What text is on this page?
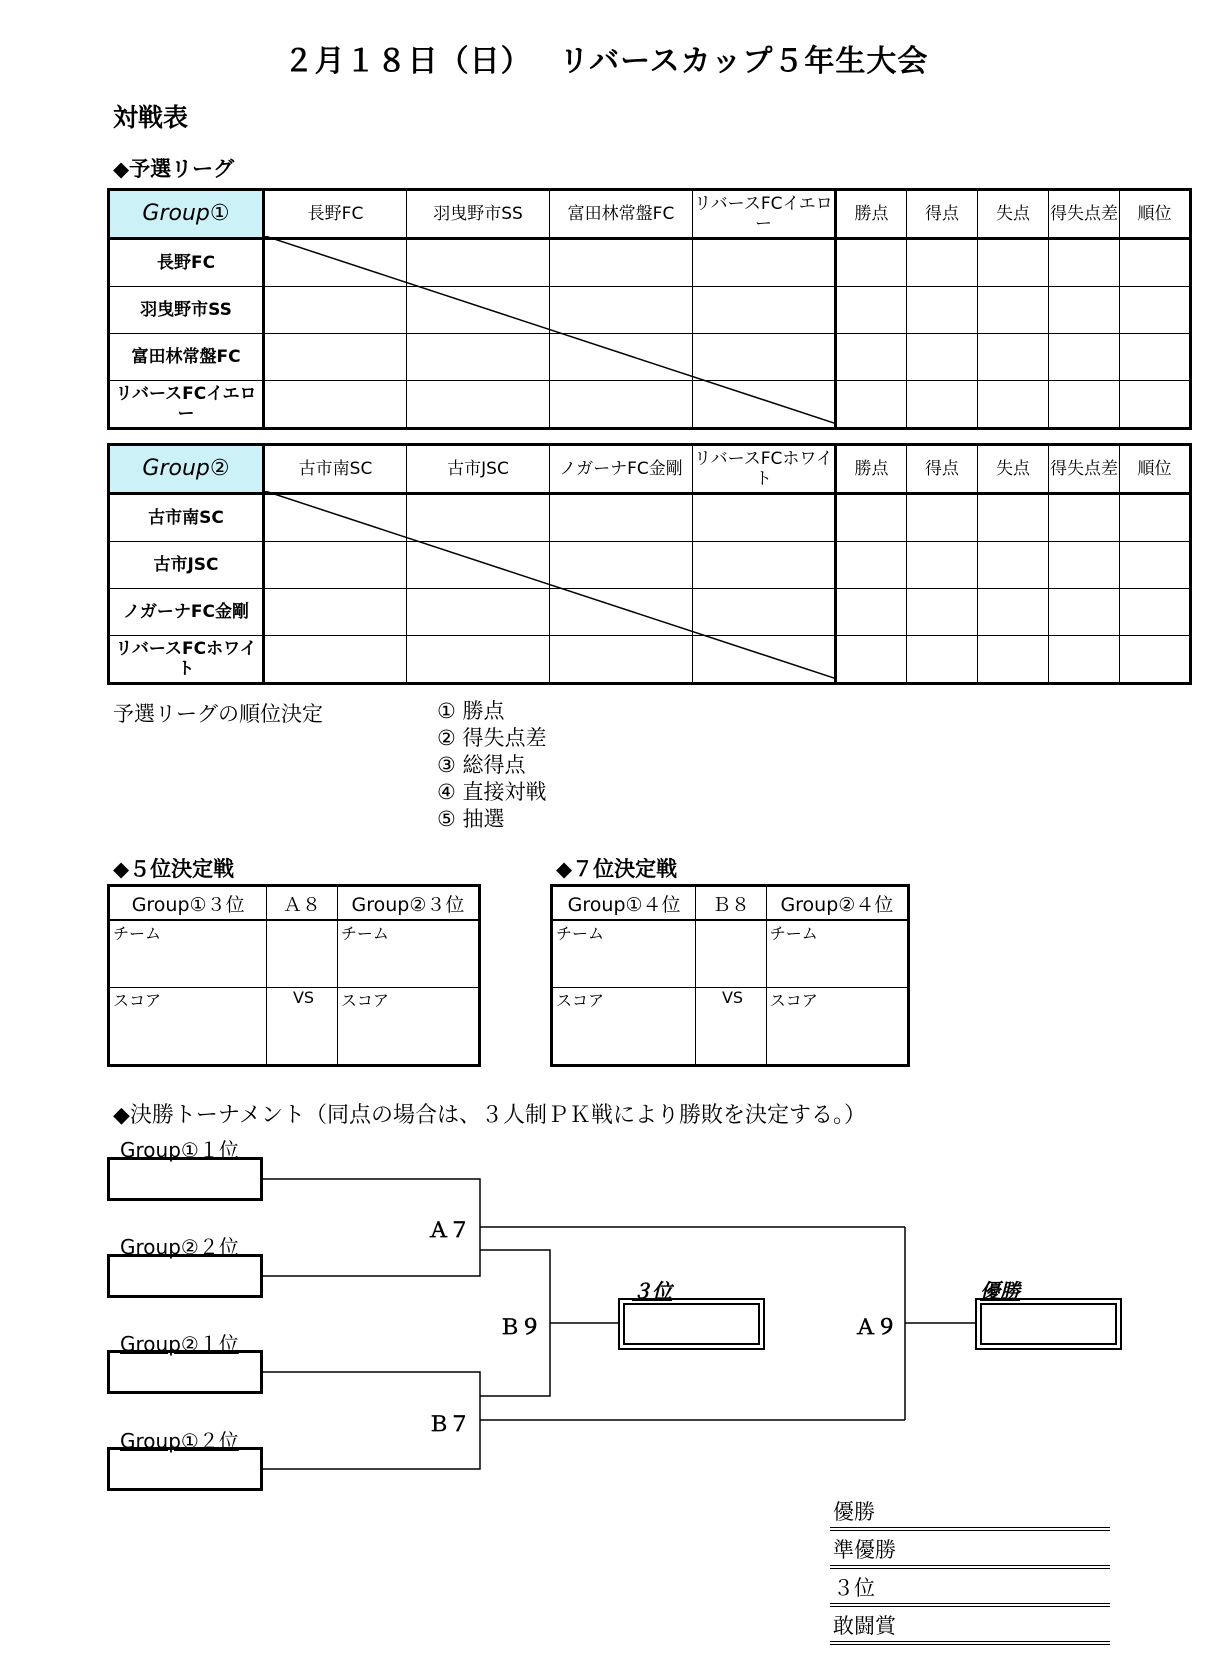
２月１８日（日）　 リバースカップ５年生大会
対戦表
◆予選リーグ
Group①	長野FC	羽曳野市SS	富田林常盤FC	リバースFCイエロー	勝点	得点	失点	得失点差	順位
長野FC									
羽曳野市SS									
富田林常盤FC									
リバースFCイエロー									
Group②	古市南SC	古市JSC	ノガーナFC金剛	リバースFCホワイト	勝点	得点	失点	得失点差	順位
古市南SC									
古市JSC									
ノガーナFC金剛									
リバースFCホワイト									
予選リーグの順位決定	① 勝点
② 得失点差
③ 総得点
④ 直接対戦
⑤ 抽選
◆５位決定戦
Group①３位	Ａ８	Group②３位
チーム		チーム
スコア	VS	スコア
◆７位決定戦
Group①４位	Ｂ８	Group②４位
チーム		チーム
スコア	VS	スコア
◆決勝トーナメント（同点の場合は、３人制ＰＫ戦により勝敗を決定する。）
Group①１位
Group②２位
Group②１位
Group①２位
Ａ７
Ｂ７
Ｂ９	Ａ９
３位	優勝
優勝
準優勝
３位
敢闘賞
